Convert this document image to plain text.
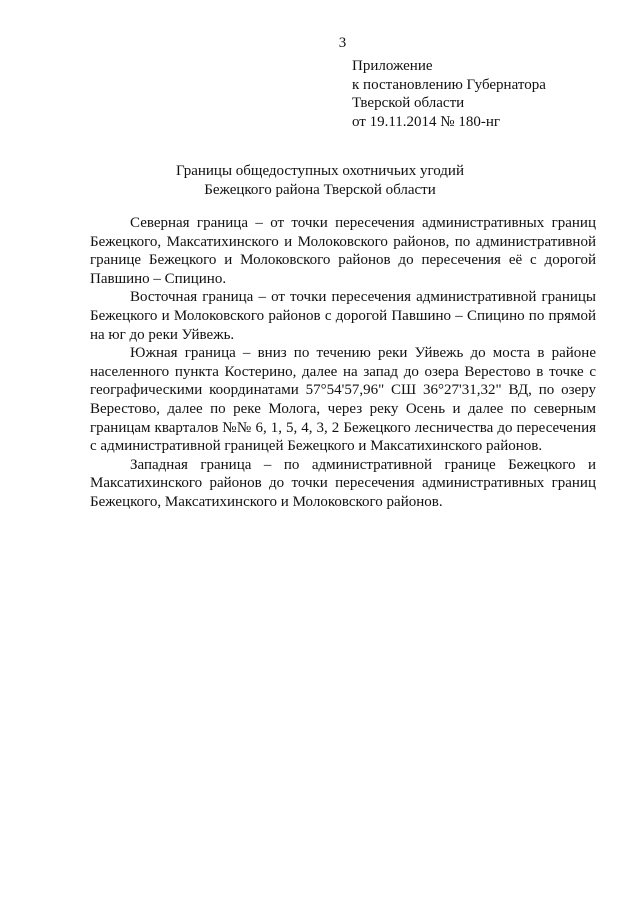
3
Приложение
к постановлению Губернатора
Тверской области
от 19.11.2014 № 180-нг
Границы общедоступных охотничьих угодий
Бежецкого района Тверской области

Северная граница – от точки пересечения административных границ Бежецкого, Максатихинского и Молоковского районов, по административной границе Бежецкого и Молоковского районов до пересечения её с дорогой Павшино – Спицино.

Восточная граница – от точки пересечения административной границы Бежецкого и Молоковского районов с дорогой Павшино – Спицино по прямой на юг до реки Уйвежь.

Южная граница – вниз по течению реки Уйвежь до моста в районе населенного пункта Костерино, далее на запад до озера Верестово в точке с географическими координатами 57°54'57,96" СШ 36°27'31,32" ВД, по озеру Верестово, далее по реке Молога, через реку Осень и далее по северным границам кварталов №№ 6, 1, 5, 4, 3, 2 Бежецкого лесничества до пересечения с административной границей Бежецкого и Максатихинского районов.

Западная граница – по административной границе Бежецкого и Максатихинского районов до точки пересечения административных границ Бежецкого, Максатихинского и Молоковского районов.
